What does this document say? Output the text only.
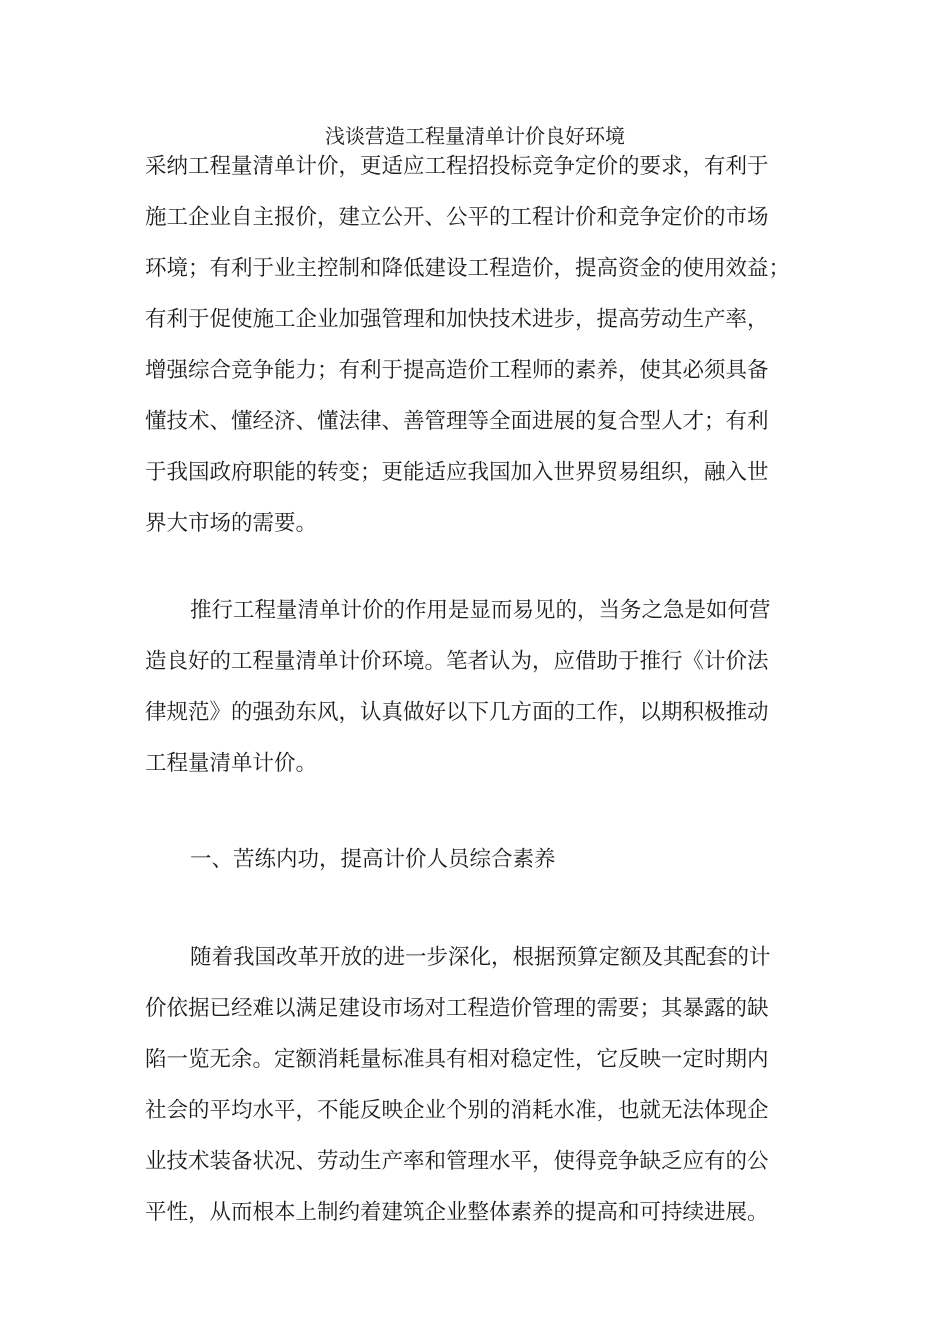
浅谈营造工程量清单计价良好环境
采纳工程量清单计价，更适应工程招投标竞争定价的要求，有利于
施工企业自主报价，建立公开、公平的工程计价和竞争定价的市场
环境；有利于业主控制和降低建设工程造价，提高资金的使用效益；
有利于促使施工企业加强管理和加快技术进步，提高劳动生产率，
增强综合竞争能力；有利于提高造价工程师的素养，使其必须具备
懂技术、懂经济、懂法律、善管理等全面进展的复合型人才；有利
于我国政府职能的转变；更能适应我国加入世界贸易组织，融入世
界大市场的需要。
推行工程量清单计价的作用是显而易见的，当务之急是如何营
造良好的工程量清单计价环境。笔者认为，应借助于推行《计价法
律规范》的强劲东风，认真做好以下几方面的工作，以期积极推动
工程量清单计价。
一、苦练内功，提高计价人员综合素养
随着我国改革开放的进一步深化，根据预算定额及其配套的计
价依据已经难以满足建设市场对工程造价管理的需要；其暴露的缺
陷一览无余。定额消耗量标准具有相对稳定性，它反映一定时期内
社会的平均水平，不能反映企业个别的消耗水准，也就无法体现企
业技术装备状况、劳动生产率和管理水平，使得竞争缺乏应有的公
平性，从而根本上制约着建筑企业整体素养的提高和可持续进展。
